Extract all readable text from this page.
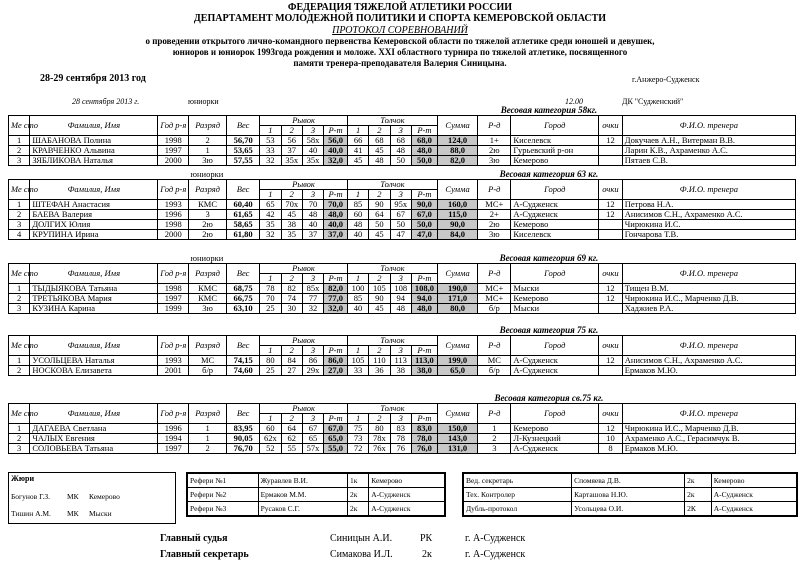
ФЕДЕРАЦИЯ ТЯЖЕЛОЙ АТЛЕТИКИ РОССИИ
ДЕПАРТАМЕНТ МОЛОДЕЖНОЙ ПОЛИТИКИ И СПОРТА КЕМЕРОВСКОЙ ОБЛАСТИ
ПРОТОКОЛ СОРЕВНОВАНИЙ
о проведении открытого лично-командного первенства Кемеровской области по тяжелой атлетике среди юношей и девушек,
юниоров и юниорок 1993года рождения и моложе. XXI областного турнира по тяжелой атлетике, посвященного
памяти тренера-преподавателя Валерия Синицына.
28-29 сентября 2013 год	г.Анжеро-Судженск
28 сентября 2013 г.	юниорки	12.00	ДК "Судженский"
							Весовая категория 58кг.										
Ме сто	Фамилия, Имя	Год р-я	Разряд	Вес	Рывок				Толчок				Сумма	Р-д	Город	очки	Ф.И.О. тренера
					1	2	3	Р-т	1	2	3	Р-т					
1	ШАБАНОВА Полина	1998	2	56,70	53	56	58х	56,0	66	68	68	68,0	124,0	1+	Киселевск	12	Докучаев А.Н., Витерман В.В.
2	КРАВЧЕНКО Альвина	1997	1	53,65	33	37	40	40,0	41	45	48	48,0	88,0	2ю	Гурьевский р-он		Ларин К.В., Ахраменко А.С.
3	ЗЯБЛИКОВА Наталья	2000	3ю	57,55	32	35х	35х	32,0	45	48	50	50,0	82,0	3ю	Кемерово		Пятаев С.В.
			юниорки				Весовая категория 63 кг.										
Ме сто	Фамилия, Имя	Год р-я	Разряд	Вес	Рывок				Толчок				Сумма	Р-д	Город	очки	Ф.И.О. тренера
					1	2	3	Р-т	1	2	3	Р-т					
1	ШТЕФАН Анастасия	1993	КМС	60,40	65	70х	70	70,0	85	90	95х	90,0	160,0	МС+	А-Судженск	12	Петрова Н.А.
2	БАЕВА Валерия	1996	3	61,65	42	45	48	48,0	60	64	67	67,0	115,0	2+	А-Судженск	12	Анисимов С.Н., Ахраменко А.С.
3	ДОЛГИХ Юлия	1998	2ю	58,65	35	38	40	40,0	48	50	50	50,0	90,0	2ю	Кемерово		Чирюкина И.С.
4	КРУПИНА Ирина	2000	2ю	61,80	32	35	37	37,0	40	45	47	47,0	84,0	3ю	Киселевск		Гончарова Т.В.
			юниорки				Весовая категория 69 кг.										
Ме сто	Фамилия, Имя	Год р-я	Разряд	Вес	Рывок				Толчок				Сумма	Р-д	Город	очки	Ф.И.О. тренера
					1	2	3	Р-т	1	2	3	Р-т					
1	ТЫДЫЯКОВА Татьяна	1998	КМС	68,75	78	82	85х	82,0	100	105	108	108,0	190,0	МС+	Мыски	12	Тищен В.М.
2	ТРЕТЬЯКОВА Мария	1997	КМС	66,75	70	74	77	77,0	85	90	94	94,0	171,0	МС+	Кемерово	12	Чирюкина И.С., Марченко Д.В.
3	КУЗИНА Карина	1999	3ю	63,10	25	30	32	32,0	40	45	48	48,0	80,0	б/р	Мыски		Хаджиев Р.А.
							Весовая категория 75 кг.										
Ме сто	Фамилия, Имя	Год р-я	Разряд	Вес	Рывок				Толчок				Сумма	Р-д	Город	очки	Ф.И.О. тренера
					1	2	3	Р-т	1	2	3	Р-т					
1	УСОЛЬЦЕВА Наталья	1993	МС	74,15	80	84	86	86,0	105	110	113	113,0	199,0	МС	А-Судженск	12	Анисимов С.Н., Ахраменко А.С.
2	НОСКОВА Елизавета	2001	б/р	74,60	25	27	29х	27,0	33	36	38	38,0	65,0	б/р	А-Судженск		Ермаков М.Ю.
							Весовая категория св.75 кг.										
Ме сто	Фамилия, Имя	Год р-я	Разряд	Вес	Рывок				Толчок				Сумма	Р-д	Город	очки	Ф.И.О. тренера
					1	2	3	Р-т	1	2	3	Р-т					
1	ДАГАЕВА Светлана	1996	1	83,95	60	64	67	67,0	75	80	83	83,0	150,0	1	Кемерово	12	Чирюкина И.С., Марченко Д.В.
2	ЧАЛЫХ Евгения	1994	1	90,05	62х	62	65	65,0	73	78х	78	78,0	143,0	2	Л-Кузнецкий	10	Ахраменко А.С., Герасимчук В.
3	СОЛОВЬЕВА Татьяна	1997	2	76,70	52	55	57х	55,0	72	76х	76	76,0	131,0	3	А-Судженск	8	Ермаков М.Ю.
Жюри
Богунов Г.З. МК Кемерово
Тишин А.М. МК Мыски
Рефери №1	Журавлев В.И.	1к	Кемерово
Рефери №2	Ермаков М.М.	2к	А-Судженск
Рефери №3	Русаков С.Г.	2к	А-Судженск
Вед. секретарь	Спомяева Д.В.	2к	Кемерово
Тех. Контролер	Карташова Н.Ю.	2к	А-Судженск
Дубль-протокол	Усольцева О.И.	2К	А-Судженск
Главный судья	Синицын А.И.	РК	г. А-Судженск
Главный секретарь	Симакова И.Л.	2к	г. А-Судженск
